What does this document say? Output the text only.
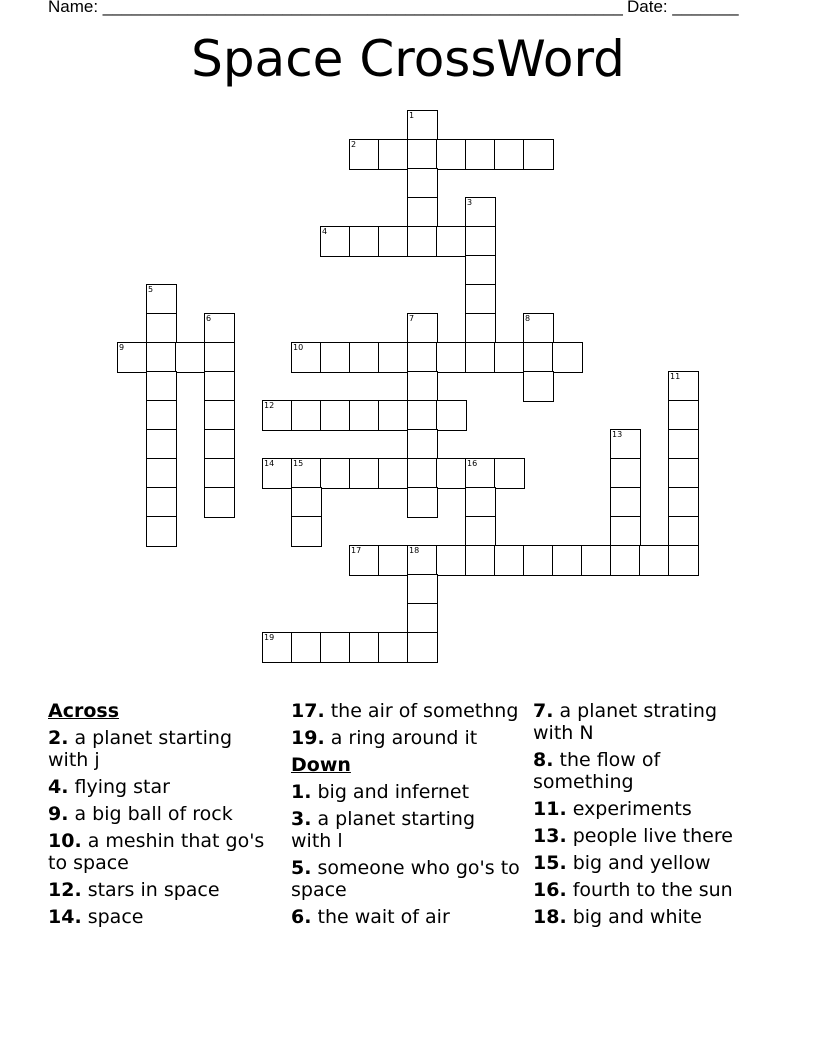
Name: _______________________________________________________ Date: _______
Space CrossWord
1
2
3
4
5
6	7	8
9	10
11
12
13
14 15	16
17	18
19
Across
2. a planet starting with j
4. flying star
9. a big ball of rock
10. a meshin that go's to space
12. stars in space
14. space
17. the air of somethng
19. a ring around it
Down
1. big and infernet
3. a planet starting with l
5. someone who go's to space
6. the wait of air
7. a planet strating with N
8. the flow of something
11. experiments
13. people live there
15. big and yellow
16. fourth to the sun
18. big and white
